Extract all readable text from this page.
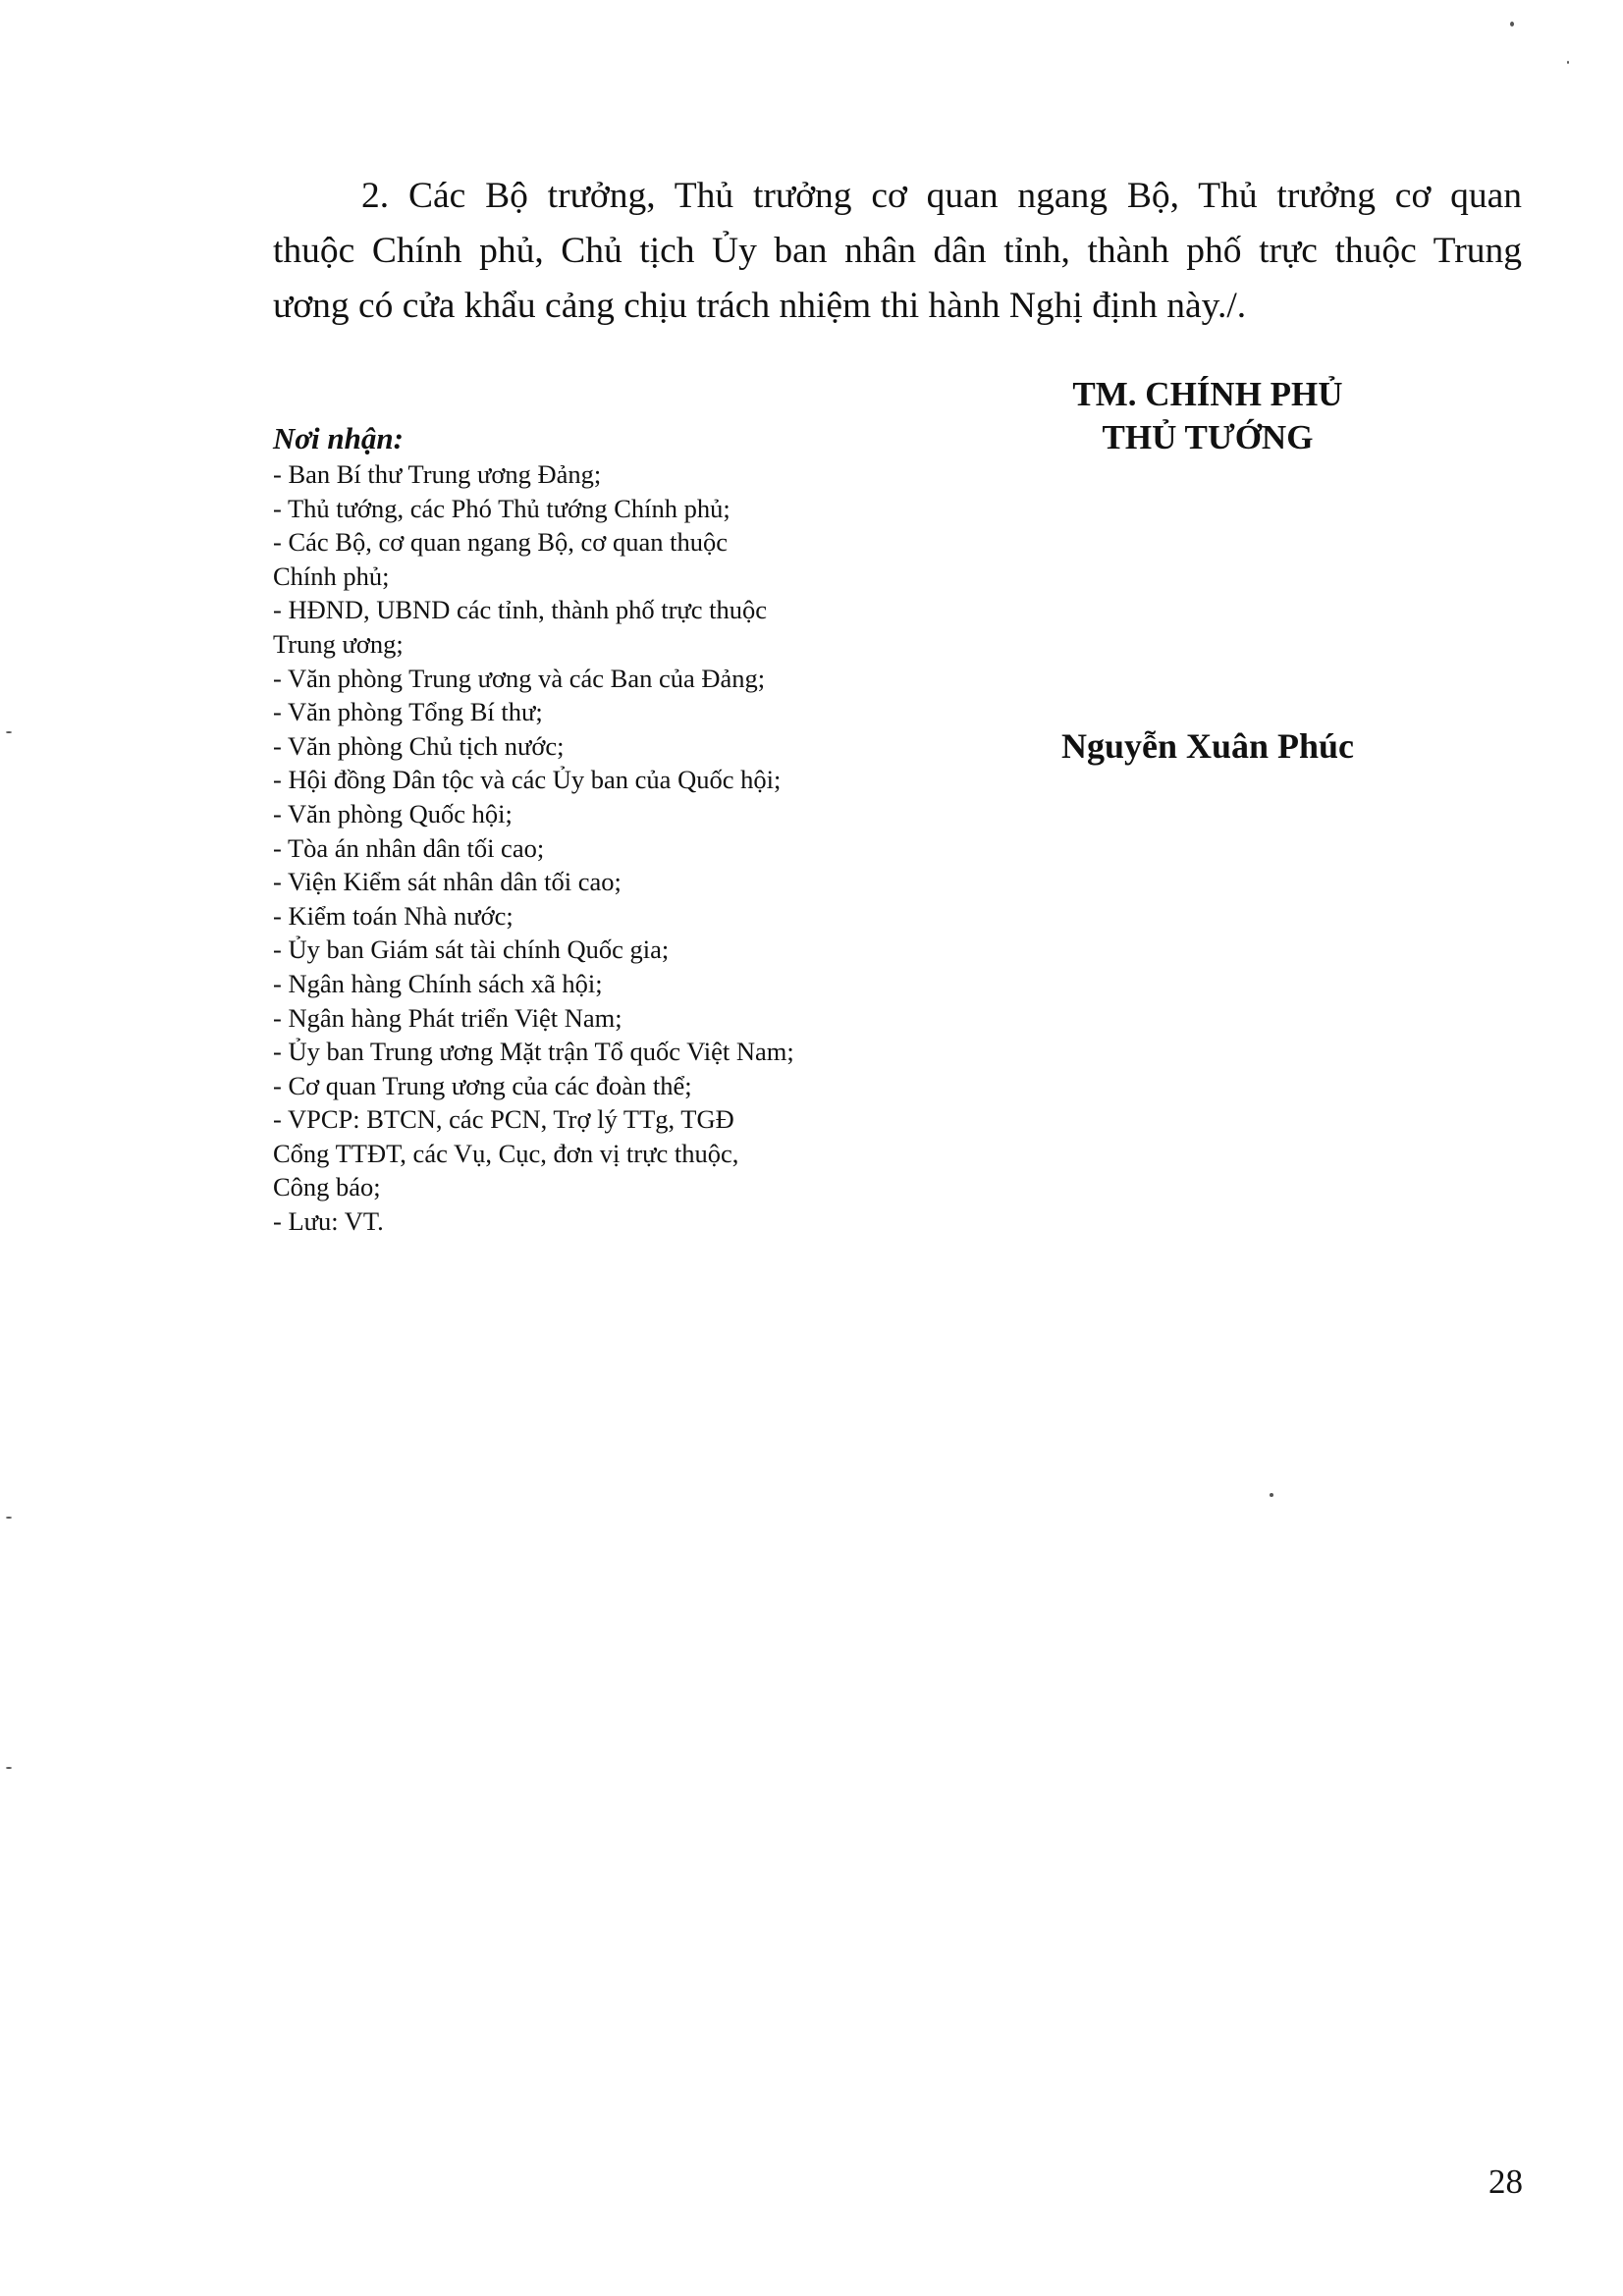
2. Các Bộ trưởng, Thủ trưởng cơ quan ngang Bộ, Thủ trưởng cơ quan
thuộc Chính phủ, Chủ tịch Ủy ban nhân dân tỉnh, thành phố trực thuộc Trung
ương có cửa khẩu cảng chịu trách nhiệm thi hành Nghị định này./.

Nơi nhận:
- Ban Bí thư Trung ương Đảng;
- Thủ tướng, các Phó Thủ tướng Chính phủ;
- Các Bộ, cơ quan ngang Bộ, cơ quan thuộc
Chính phủ;
- HĐND, UBND các tỉnh, thành phố trực thuộc
Trung ương;
- Văn phòng Trung ương và các Ban của Đảng;
- Văn phòng Tổng Bí thư;
- Văn phòng Chủ tịch nước;
- Hội đồng Dân tộc và các Ủy ban của Quốc hội;
- Văn phòng Quốc hội;
- Tòa án nhân dân tối cao;
- Viện Kiểm sát nhân dân tối cao;
- Kiểm toán Nhà nước;
- Ủy ban Giám sát tài chính Quốc gia;
- Ngân hàng Chính sách xã hội;
- Ngân hàng Phát triển Việt Nam;
- Ủy ban Trung ương Mặt trận Tổ quốc Việt Nam;
- Cơ quan Trung ương của các đoàn thể;
- VPCP: BTCN, các PCN, Trợ lý TTg, TGĐ
Cổng TTĐT, các Vụ, Cục, đơn vị trực thuộc,
Công báo;
- Lưu: VT.
TM. CHÍNH PHỦ
THỦ TƯỚNG
Nguyễn Xuân Phúc
28
